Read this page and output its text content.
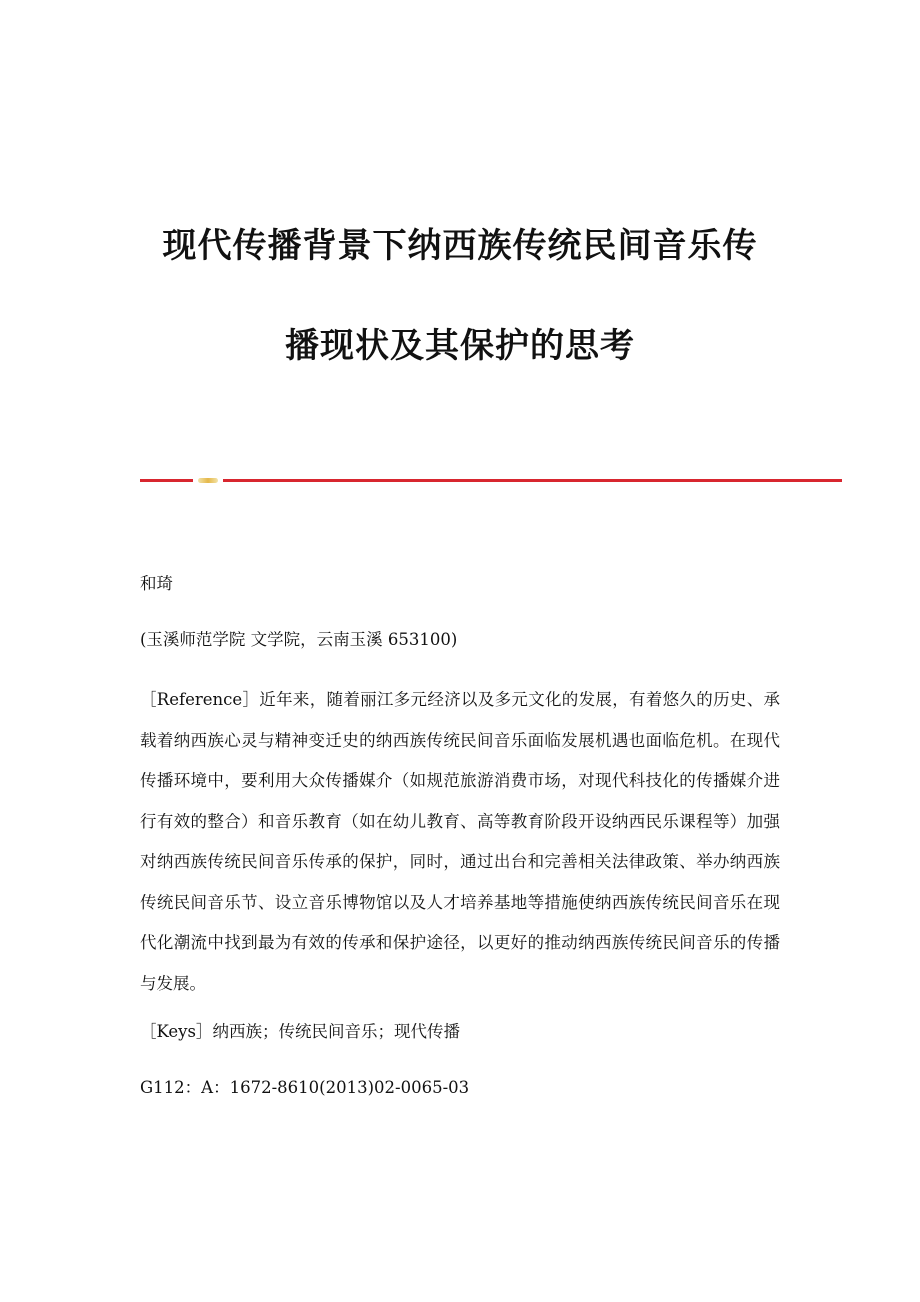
现代传播背景下纳西族传统民间音乐传
播现状及其保护的思考
和琦
(玉溪师范学院 文学院，云南玉溪 653100)
［Reference］近年来，随着丽江多元经济以及多元文化的发展，有着悠久的历史、承载着纳西族心灵与精神变迁史的纳西族传统民间音乐面临发展机遇也面临危机。在现代传播环境中，要利用大众传播媒介（如规范旅游消费市场，对现代科技化的传播媒介进行有效的整合）和音乐教育（如在幼儿教育、高等教育阶段开设纳西民乐课程等）加强对纳西族传统民间音乐传承的保护，同时，通过出台和完善相关法律政策、举办纳西族传统民间音乐节、设立音乐博物馆以及人才培养基地等措施使纳西族传统民间音乐在现代化潮流中找到最为有效的传承和保护途径，以更好的推动纳西族传统民间音乐的传播与发展。
［Keys］纳西族；传统民间音乐；现代传播
G112：A：1672-8610(2013)02-0065-03
